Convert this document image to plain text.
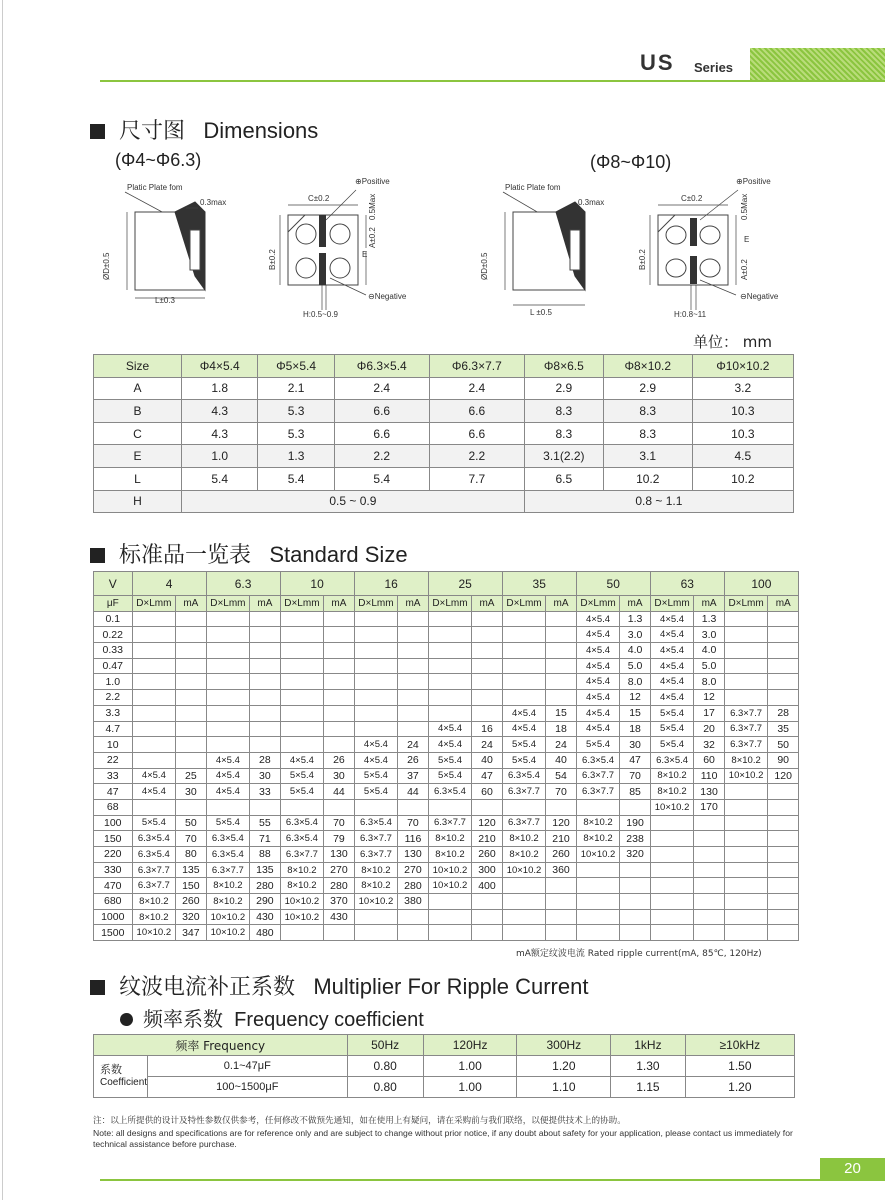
US Series
尺寸图 Dimensions
(Φ4~Φ6.3)	(Φ8~Φ10)
Platic Plate fom
0.3max
ØD±0.5
L±0.3
C±0.2
⊕Positive
⊖Negative
B±0.2
A±0.2
0.5Max
E
H:0.5~0.9
Platic Plate fom
0.3max
ØD±0.5
L ±0.5
C±0.2
⊕Positive
⊖Negative
B±0.2	A±0.2
0.5Max
E
H:0.8~11
单位： mm
Size	Φ4×5.4	Φ5×5.4	Φ6.3×5.4	Φ6.3×7.7	Φ8×6.5	Φ8×10.2	Φ10×10.2
A	1.8	2.1	2.4	2.4	2.9	2.9	3.2
B	4.3	5.3	6.6	6.6	8.3	8.3	10.3
C	4.3	5.3	6.6	6.6	8.3	8.3	10.3
E	1.0	1.3	2.2	2.2	3.1(2.2)	3.1	4.5
L	5.4	5.4	5.4	7.7	6.5	10.2	10.2
H	0.5 ~ 0.9				0.8 ~ 1.1		
标准品一览表 Standard Size
V	4		6.3		10		16		25		35		50		63		100	
μF	D×Lmm	mA	D×Lmm	mA	D×Lmm	mA	D×Lmm	mA	D×Lmm	mA	D×Lmm	mA	D×Lmm	mA	D×Lmm	mA	D×Lmm	mA
0.1													4×5.4	1.3	4×5.4	1.3		
0.22													4×5.4	3.0	4×5.4	3.0		
0.33													4×5.4	4.0	4×5.4	4.0		
0.47													4×5.4	5.0	4×5.4	5.0		
1.0													4×5.4	8.0	4×5.4	8.0		
2.2													4×5.4	12	4×5.4	12		
3.3											4×5.4	15	4×5.4	15	5×5.4	17	6.3×7.7	28
4.7									4×5.4	16	4×5.4	18	4×5.4	18	5×5.4	20	6.3×7.7	35
10							4×5.4	24	4×5.4	24	5×5.4	24	5×5.4	30	5×5.4	32	6.3×7.7	50
22			4×5.4	28	4×5.4	26	4×5.4	26	5×5.4	40	5×5.4	40	6.3×5.4	47	6.3×5.4	60	8×10.2	90
33	4×5.4	25	4×5.4	30	5×5.4	30	5×5.4	37	5×5.4	47	6.3×5.4	54	6.3×7.7	70	8×10.2	110	10×10.2	120
47	4×5.4	30	4×5.4	33	5×5.4	44	5×5.4	44	6.3×5.4	60	6.3×7.7	70	6.3×7.7	85	8×10.2	130		
68															10×10.2	170		
100	5×5.4	50	5×5.4	55	6.3×5.4	70	6.3×5.4	70	6.3×7.7	120	6.3×7.7	120	8×10.2	190				
150	6.3×5.4	70	6.3×5.4	71	6.3×5.4	79	6.3×7.7	116	8×10.2	210	8×10.2	210	8×10.2	238				
220	6.3×5.4	80	6.3×5.4	88	6.3×7.7	130	6.3×7.7	130	8×10.2	260	8×10.2	260	10×10.2	320				
330	6.3×7.7	135	6.3×7.7	135	8×10.2	270	8×10.2	270	10×10.2	300	10×10.2	360						
470	6.3×7.7	150	8×10.2	280	8×10.2	280	8×10.2	280	10×10.2	400								
680	8×10.2	260	8×10.2	290	10×10.2	370	10×10.2	380										
1000	8×10.2	320	10×10.2	430	10×10.2	430												
1500	10×10.2	347	10×10.2	480														
mA额定纹波电流 Rated ripple current(mA, 85℃, 120Hz)
纹波电流补正系数 Multiplier For Ripple Current
频率系数 Frequency coefficient
频率 Frequency		50Hz	120Hz	300Hz	1kHz	≥10kHz
系数
Coefficient	0.1~47μF	0.80	1.00	1.20	1.30	1.50
	100~1500μF	0.80	1.00	1.10	1.15	1.20
注：以上所提供的设计及特性参数仅供参考，任何修改不做预先通知，如在使用上有疑问，请在采购前与我们联络，以便提供技术上的协助。
Note: all designs and specifications are for reference only and are subject to change without prior notice, if any doubt about safety for your application, please contact us immediately for technical assistance before purchase.
20
